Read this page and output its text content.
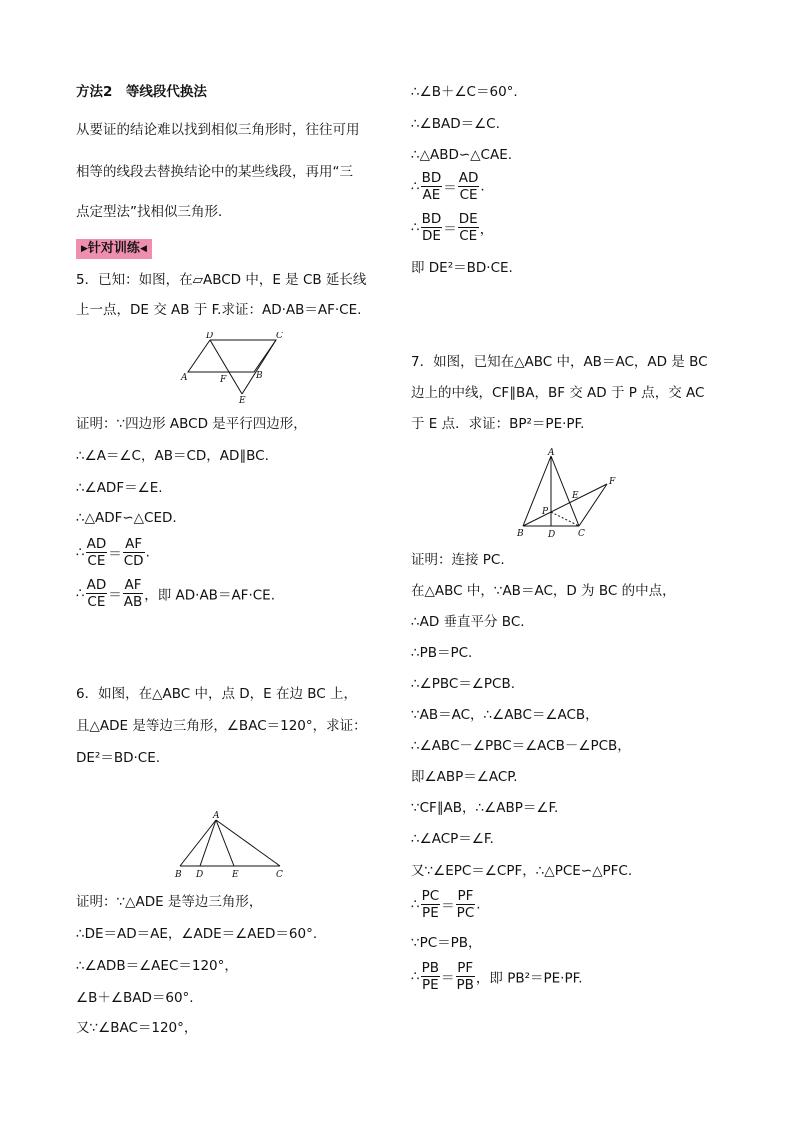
方法2　等线段代换法
从要证的结论难以找到相似三角形时，往往可用
相等的线段去替换结论中的某些线段，再用“三
点定型法”找相似三角形．
▶针对训练◀
5．已知：如图，在▱ABCD 中，E 是 CB 延长线
上一点，DE 交 AB 于 F.求证：AD·AB＝AF·CE.
D	C
A	F	B
E
证明：∵四边形 ABCD 是平行四边形，
∴∠A＝∠C，AB＝CD，AD∥BC.
∴∠ADF＝∠E.
∴△ADF∽△CED.
∴ $\frac{AD}{CE} = \frac{AF}{CD}$ .
∴ $\frac{AD}{CE} = \frac{AF}{AB}$ ，即 AD·AB＝AF·CE.
6．如图，在△ABC 中，点 D，E 在边 BC 上，
且△ADE 是等边三角形，∠BAC＝120°，求证：
DE²＝BD·CE.
A
B D	E	C
证明：∵△ADE 是等边三角形，
∴DE＝AD＝AE，∠ADE＝∠AED＝60°.
∴∠ADB＝∠AEC＝120°，
∠B＋∠BAD＝60°.
又∵∠BAC＝120°，
∴∠B＋∠C＝60°.
∴∠BAD＝∠C.
∴△ABD∽△CAE.
∴ $\frac{BD}{AE} = \frac{AD}{CE}$ .
∴ $\frac{BD}{DE} = \frac{DE}{CE}$ ，
即 DE²＝BD·CE.
7．如图，已知在△ABC 中，AB＝AC，AD 是 BC
边上的中线，CF∥BA，BF 交 AD 于 P 点，交 AC
于 E 点．求证：BP²＝PE·PF.
A
F
E
P
B	D	C
证明：连接 PC.
在△ABC 中，∵AB＝AC，D 为 BC 的中点，
∴AD 垂直平分 BC.
∴PB＝PC.
∴∠PBC＝∠PCB.
∵AB＝AC，∴∠ABC＝∠ACB，
∴∠ABC－∠PBC＝∠ACB－∠PCB，
即∠ABP＝∠ACP.
∵CF∥AB，∴∠ABP＝∠F.
∴∠ACP＝∠F.
又∵∠EPC＝∠CPF，∴△PCE∽△PFC.
∴ $\frac{PC}{PE} = \frac{PF}{PC}$ .
∵PC＝PB，
∴ $\frac{PB}{PE} = \frac{PF}{PB}$ ，即 PB²＝PE·PF.
